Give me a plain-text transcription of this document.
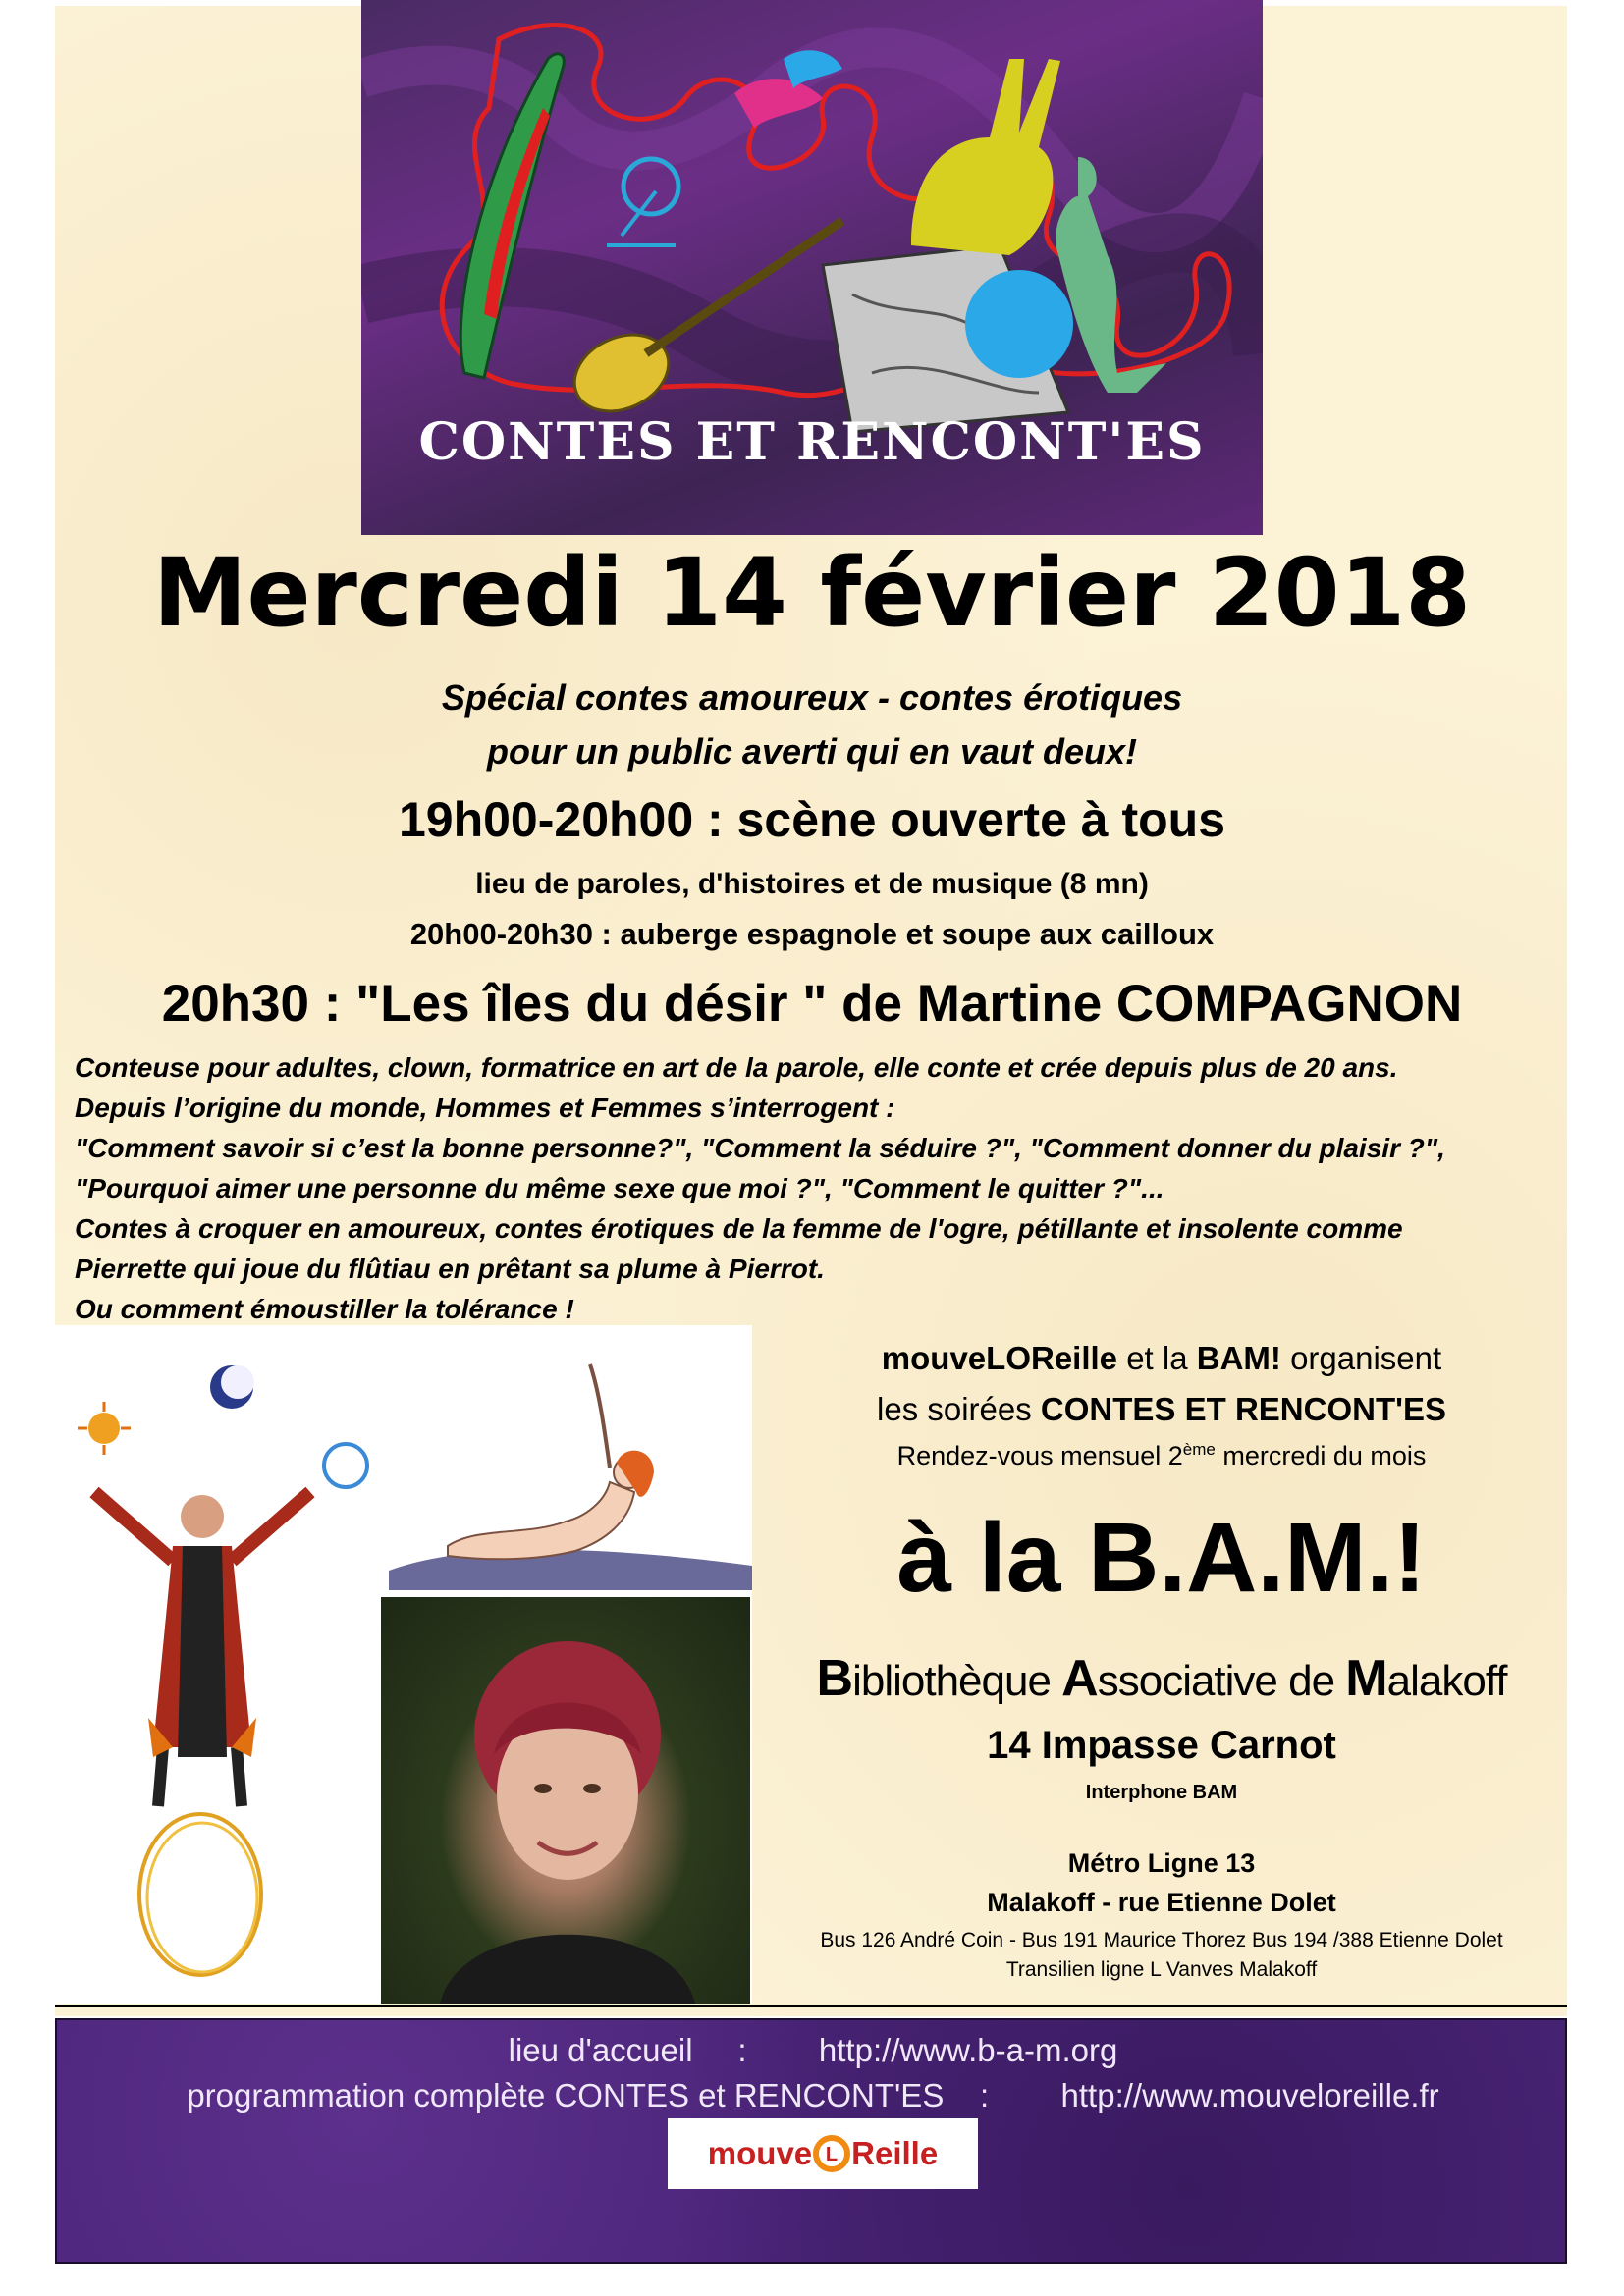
CONTES ET RENCONT'ES
Mercredi 14 février 2018
Spécial contes amoureux - contes érotiques
pour un public averti qui en vaut deux!
19h00-20h00 : scène ouverte à tous
lieu de paroles, d'histoires et de musique (8 mn)
20h00-20h30 : auberge espagnole et soupe aux cailloux
20h30 : "Les îles du désir " de Martine COMPAGNON
Conteuse pour adultes, clown, formatrice en art de la parole, elle conte et crée depuis plus de 20 ans.
Depuis l’origine du monde, Hommes et Femmes s’interrogent :
"Comment savoir si c’est la bonne personne?", "Comment la séduire ?", "Comment donner du plaisir ?",
"Pourquoi aimer une personne du même sexe que moi ?", "Comment le quitter ?"...
Contes à croquer en amoureux, contes érotiques de la femme de l'ogre, pétillante et insolente comme
Pierrette qui joue du flûtiau en prêtant sa plume à Pierrot.
Ou comment émoustiller la tolérance !
mouveLOReille et la BAM! organisent
les soirées CONTES ET RENCONT'ES
Rendez-vous mensuel 2ème mercredi du mois
à la B.A.M.!
Bibliothèque Associative de Malakoff
14 Impasse Carnot
Interphone BAM
Métro Ligne 13
Malakoff - rue Etienne Dolet
Bus 126 André Coin - Bus 191 Maurice Thorez Bus 194 /388 Etienne Dolet
Transilien ligne L Vanves Malakoff
lieu d'accueil     :        http://www.b-a-m.org
programmation complète CONTES et RENCONT'ES    :        http://www.mouveloreille.fr
mouve L Reille
